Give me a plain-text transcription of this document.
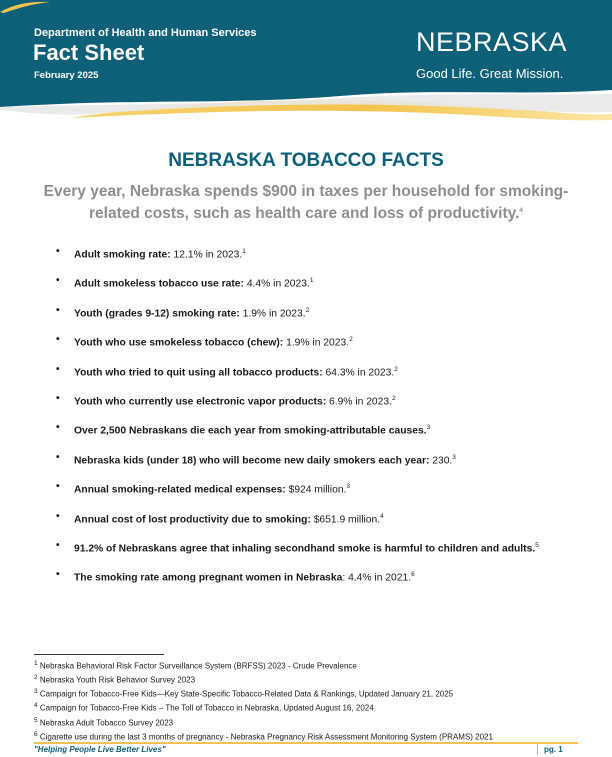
Department of Health and Human Services
Fact Sheet
February 2025
NEBRASKA
Good Life. Great Mission.
NEBRASKA TOBACCO FACTS
Every year, Nebraska spends $900 in taxes per household for smoking-related costs, such as health care and loss of productivity.$^4$
• Adult smoking rate: 12.1% in 2023.$^1$
• Adult smokeless tobacco use rate: 4.4% in 2023.$^1$
• Youth (grades 9-12) smoking rate: 1.9% in 2023.$^2$
• Youth who use smokeless tobacco (chew): 1.9% in 2023.$^2$
• Youth who tried to quit using all tobacco products: 64.3% in 2023.$^2$
• Youth who currently use electronic vapor products: 6.9% in 2023.$^2$
• Over 2,500 Nebraskans die each year from smoking-attributable causes.$^3$
• Nebraska kids (under 18) who will become new daily smokers each year: 230.$^3$
• Annual smoking-related medical expenses: $924 million.$^3$
• Annual cost of lost productivity due to smoking: $651.9 million.$^4$
• 91.2% of Nebraskans agree that inhaling secondhand smoke is harmful to children and adults.$^5$
• The smoking rate among pregnant women in Nebraska: 4.4% in 2021.$^6$
$^1$ Nebraska Behavioral Risk Factor Surveillance System (BRFSS) 2023 - Crude Prevalence
$^2$ Nebraska Youth Risk Behavior Survey 2023
$^3$ Campaign for Tobacco-Free Kids—Key State-Specific Tobacco-Related Data & Rankings, Updated January 21, 2025
$^4$ Campaign for Tobacco-Free Kids – The Toll of Tobacco in Nebraska, Updated August 16, 2024
$^5$ Nebraska Adult Tobacco Survey 2023
$^6$ Cigarette use during the last 3 months of pregnancy - Nebraska Pregnancy Risk Assessment Monitoring System (PRAMS) 2021
"Helping People Live Better Lives"	pg. 1
